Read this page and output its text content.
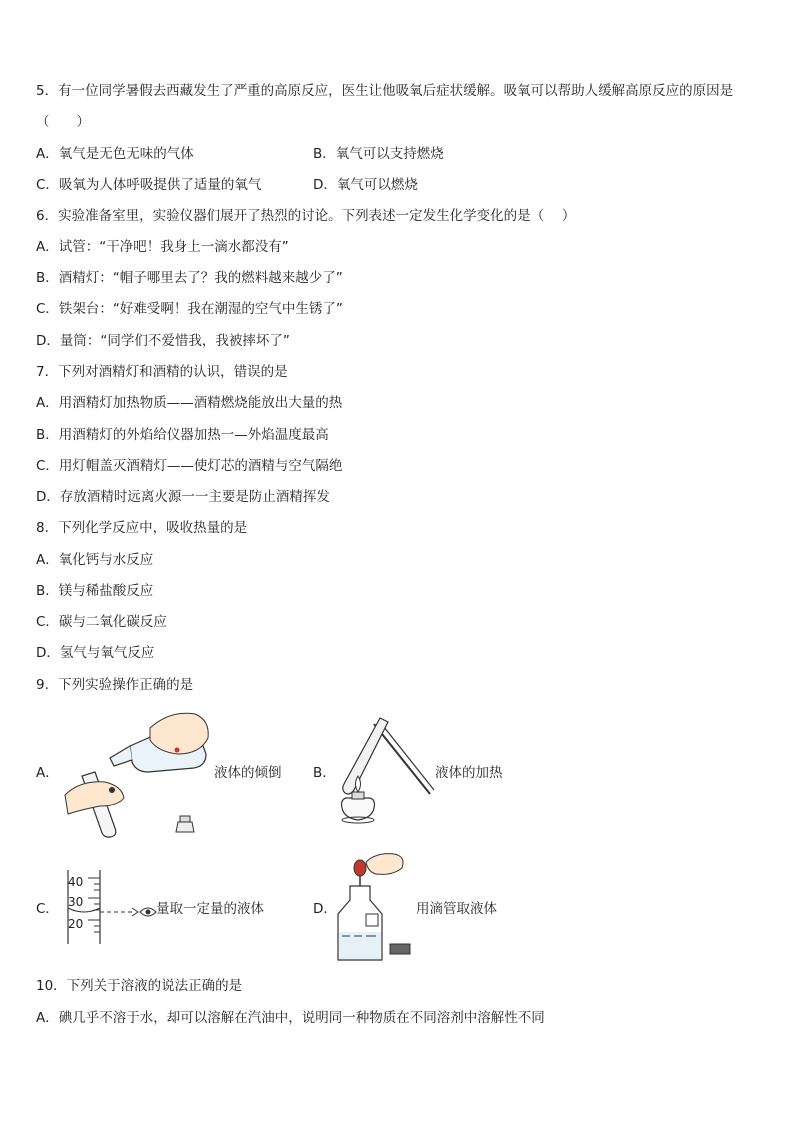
5．有一位同学暑假去西藏发生了严重的高原反应，医生让他吸氧后症状缓解。吸氧可以帮助人缓解高原反应的原因是
（　　）
A．氧气是无色无味的气体	B．氧气可以支持燃烧
C．吸氧为人体呼吸提供了适量的氧气	D．氧气可以燃烧
6．实验准备室里，实验仪器们展开了热烈的讨论。下列表述一定发生化学变化的是（　 ）
A．试管：“干净吧！我身上一滴水都没有”
B．酒精灯：“帽子哪里去了？我的燃料越来越少了”
C．铁架台：“好难受啊！我在潮湿的空气中生锈了”
D．量筒：“同学们不爱惜我，我被摔坏了”
7．下列对酒精灯和酒精的认识，错误的是
A．用酒精灯加热物质——酒精燃烧能放出大量的热
B．用酒精灯的外焰给仪器加热一—外焰温度最高
C．用灯帽盖灭酒精灯——使灯芯的酒精与空气隔绝
D．存放酒精时远离火源一一主要是防止酒精挥发
8．下列化学反应中，吸收热量的是
A．氧化钙与水反应
B．镁与稀盐酸反应
C．碳与二氧化碳反应
D．氢气与氧气反应
9．下列实验操作正确的是
A．	液体的倾倒 B．	液体的加热
C．
40
30
20
量取一定量的液体	D．	用滴管取液体
10．下列关于溶液的说法正确的是
A．碘几乎不溶于水，却可以溶解在汽油中，说明同一种物质在不同溶剂中溶解性不同
